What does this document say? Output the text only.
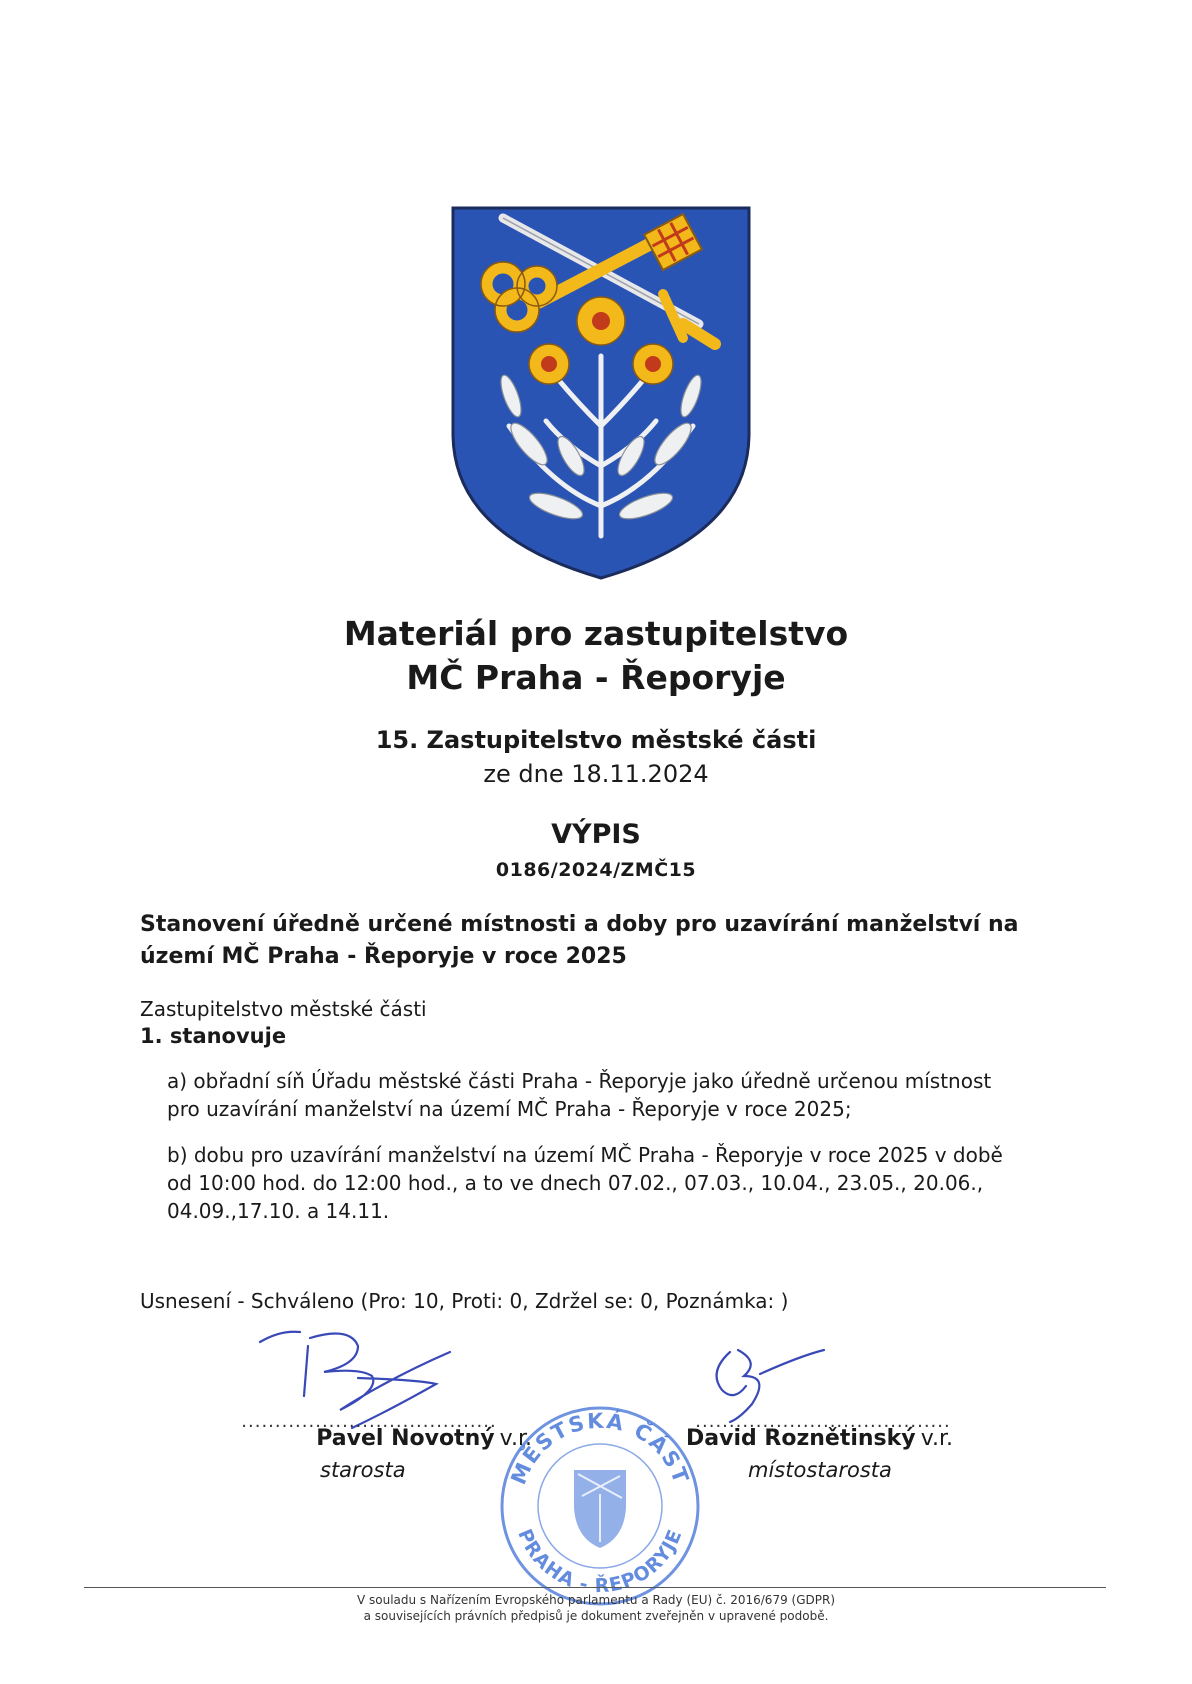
Materiál pro zastupitelstvo
MČ Praha - Řeporyje
15. Zastupitelstvo městské části
ze dne 18.11.2024
VÝPIS
0186/2024/ZMČ15
Stanovení úředně určené místnosti a doby pro uzavírání manželství na
území MČ Praha - Řeporyje v roce 2025
Zastupitelstvo městské části
1. stanovuje
a) obřadní síň Úřadu městské části Praha - Řeporyje jako úředně určenou místnost
pro uzavírání manželství na území MČ Praha - Řeporyje v roce 2025;
b) dobu pro uzavírání manželství na území MČ Praha - Řeporyje v roce 2025 v době
od 10:00 hod. do 12:00 hod., a to ve dnech 07.02., 07.03., 10.04., 23.05., 20.06.,
04.09.,17.10. a 14.11.
Usnesení - Schváleno (Pro: 10, Proti: 0, Zdržel se: 0, Poznámka: )
MĚSTSKÁ ČÁST
PRAHA - ŘEPORYJE
......................................
Pavel Novotný v.r.
starosta
......................................
David Roznětinský v.r.
místostarosta
V souladu s Nařízením Evropského parlamentu a Rady (EU) č. 2016/679 (GDPR)
a souvisejících právních předpisů je dokument zveřejněn v upravené podobě.
